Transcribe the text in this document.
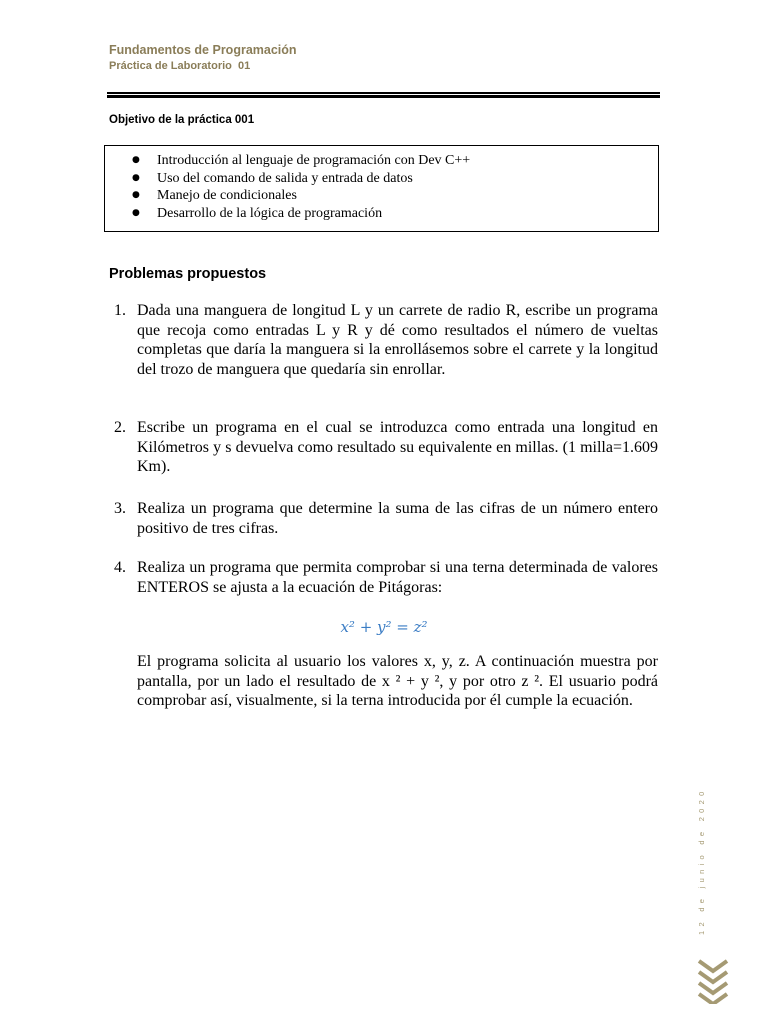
Fundamentos de Programación
Práctica de Laboratorio  01
Objetivo de la práctica 001
● Introducción al lenguaje de programación con Dev C++
● Uso del comando de salida y entrada de datos
● Manejo de condicionales
● Desarrollo de la lógica de programación
Problemas propuestos
1. Dada una manguera de longitud L y un carrete de radio R, escribe un programa que recoja como entradas L y R y dé como resultados el número de vueltas completas que daría la manguera si la enrollásemos sobre el carrete y la longitud del trozo de manguera que quedaría sin enrollar.
2. Escribe un programa en el cual se introduzca como entrada una longitud en Kilómetros y s devuelva como resultado su equivalente en millas. (1 milla=1.609 Km).
3. Realiza un programa que determine la suma de las cifras de un número entero positivo de tres cifras.
4. Realiza un programa que permita comprobar si una terna determinada de valores ENTEROS se ajusta a la ecuación de Pitágoras:
x² + y² = z²

El programa solicita al usuario los valores x, y, z. A continuación muestra por pantalla, por un lado el resultado de x ² + y ², y por otro z ². El usuario podrá comprobar así, visualmente, si la terna introducida por él cumple la ecuación.

12 de junio de 2020
